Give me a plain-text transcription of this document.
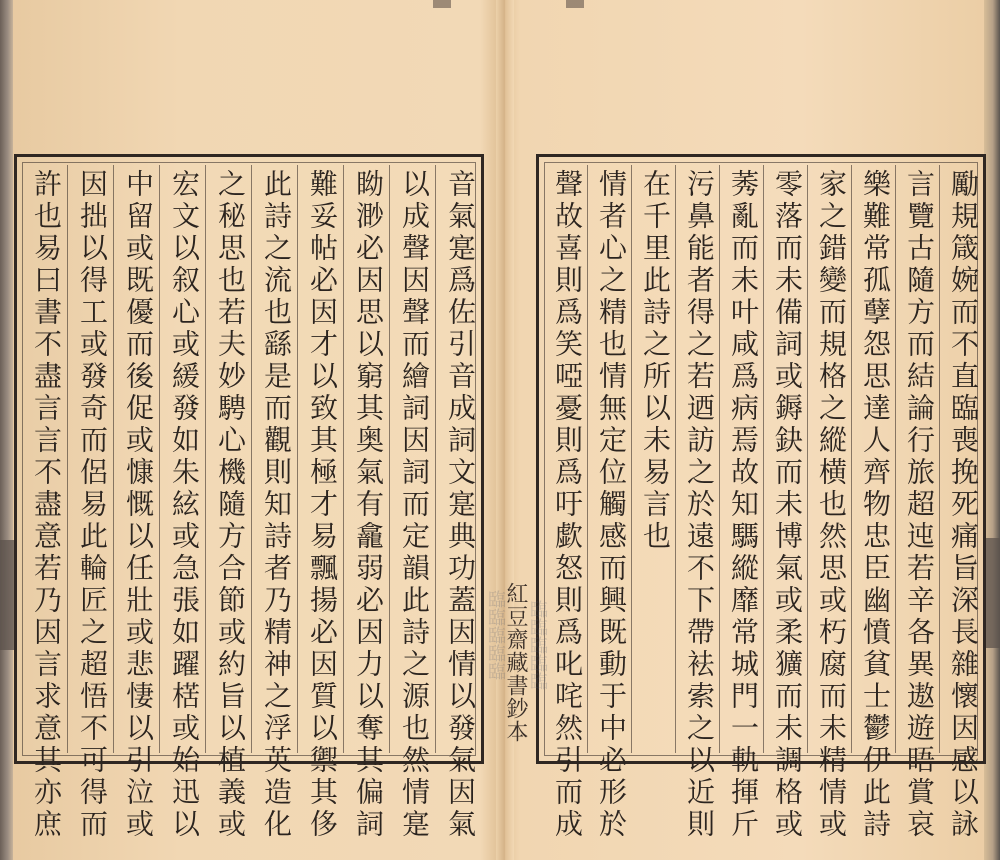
音氣寔爲佐引音成詞文寔典功蓋因情以發氣因氣
以成聲因聲而繪詞因詞而定韻此詩之源也然情寔
眑渺必因思以窮其奥氣有龕弱必因力以奪其偏詞
難妥帖必因才以致其極才易飄揚必因質以禦其侈
此詩之流也繇是而觀則知詩者乃精神之浮英造化
之秘思也若夫妙騁心機隨方合節或約旨以植義或
宏文以叙心或緩發如朱絃或急張如躍楛或始迅以
中留或既優而後促或慷慨以任壯或悲悽以引泣或
因拙以得工或發奇而侶易此輪匠之超悟不可得而
許也易曰書不盡言言不盡意若乃因言求意其亦庶	勵規箴婉而不直臨喪挽死痛旨深長雜懷因感以詠
言覽古隨方而結論行旅超迍若辛各異遨遊晤賞哀
樂難常孤孽怨思達人齊物忠臣幽憤貧士鬱伊此詩
家之錯變而規格之縱横也然思或朽腐而未精情或
零落而未備詞或鎒鈌而未博氣或柔獷而未調格或
莠亂而未叶咸爲病焉故知騳縱靡常城門一軌揮斤
污鼻能者得之若迺訪之於遠不下帶袪索之以近則
在千里此詩之所以未易言也
情者心之精也情無定位觸感而興既動于中必形於
聲故喜則爲笑啞憂則爲吁歔怒則爲叱咤然引而成
臨臨臨臨臨 臨臨臨臨臨
紅豆齋藏書鈔本
